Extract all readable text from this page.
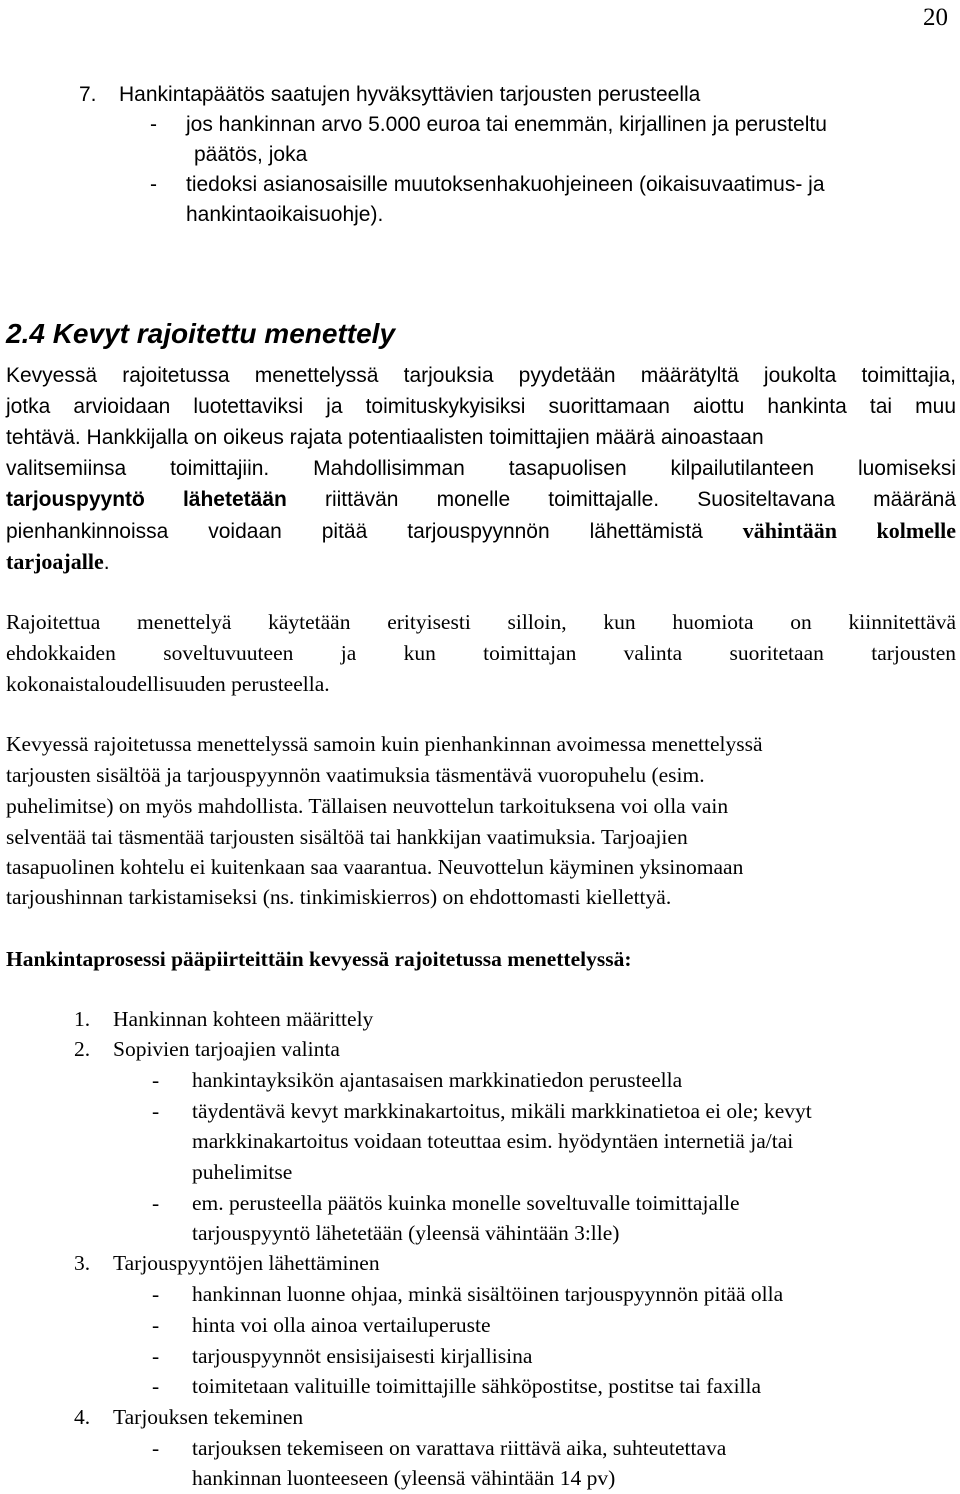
20
7. Hankintapäätös saatujen hyväksyttävien tarjousten perusteella
- jos hankinnan arvo 5.000 euroa tai enemmän, kirjallinen ja perusteltu
päätös, joka
- tiedoksi asianosaisille muutoksenhakuohjeineen (oikaisuvaatimus- ja
hankintaoikaisuohje).
2.4 Kevyt rajoitettu menettely
Kevyessä rajoitetussa menettelyssä tarjouksia pyydetään määrätyltä joukolta toimittajia,
jotka arvioidaan luotettaviksi ja toimituskykyisiksi suorittamaan aiottu hankinta tai muu
tehtävä. Hankkijalla on oikeus rajata potentiaalisten toimittajien määrä ainoastaan
valitsemiinsa toimittajiin. Mahdollisimman tasapuolisen kilpailutilanteen luomiseksi
tarjouspyyntö lähetetään riittävän monelle toimittajalle. Suositeltavana määränä
pienhankinnoissa voidaan pitää tarjouspyynnön lähettämistä vähintään kolmelle
tarjoajalle.
Rajoitettua menettelyä käytetään erityisesti silloin, kun huomiota on kiinnitettävä
ehdokkaiden soveltuvuuteen ja kun toimittajan valinta suoritetaan tarjousten
kokonaistaloudellisuuden perusteella.
Kevyessä rajoitetussa menettelyssä samoin kuin pienhankinnan avoimessa menettelyssä
tarjousten sisältöä ja tarjouspyynnön vaatimuksia täsmentävä vuoropuhelu (esim.
puhelimitse) on myös mahdollista. Tällaisen neuvottelun tarkoituksena voi olla vain
selventää tai täsmentää tarjousten sisältöä tai hankkijan vaatimuksia. Tarjoajien
tasapuolinen kohtelu ei kuitenkaan saa vaarantua. Neuvottelun käyminen yksinomaan
tarjoushinnan tarkistamiseksi (ns. tinkimiskierros) on ehdottomasti kiellettyä.
Hankintaprosessi pääpiirteittäin kevyessä rajoitetussa menettelyssä:
1. Hankinnan kohteen määrittely
2. Sopivien tarjoajien valinta
- hankintayksikön ajantasaisen markkinatiedon perusteella
- täydentävä kevyt markkinakartoitus, mikäli markkinatietoa ei ole; kevyt
markkinakartoitus voidaan toteuttaa esim. hyödyntäen internetiä ja/tai
puhelimitse
- em. perusteella päätös kuinka monelle soveltuvalle toimittajalle
tarjouspyyntö lähetetään (yleensä vähintään 3:lle)
3. Tarjouspyyntöjen lähettäminen
- hankinnan luonne ohjaa, minkä sisältöinen tarjouspyynnön pitää olla
- hinta voi olla ainoa vertailuperuste
- tarjouspyynnöt ensisijaisesti kirjallisina
- toimitetaan valituille toimittajille sähköpostitse, postitse tai faxilla
4. Tarjouksen tekeminen
- tarjouksen tekemiseen on varattava riittävä aika, suhteutettava
hankinnan luonteeseen (yleensä vähintään 14 pv)
